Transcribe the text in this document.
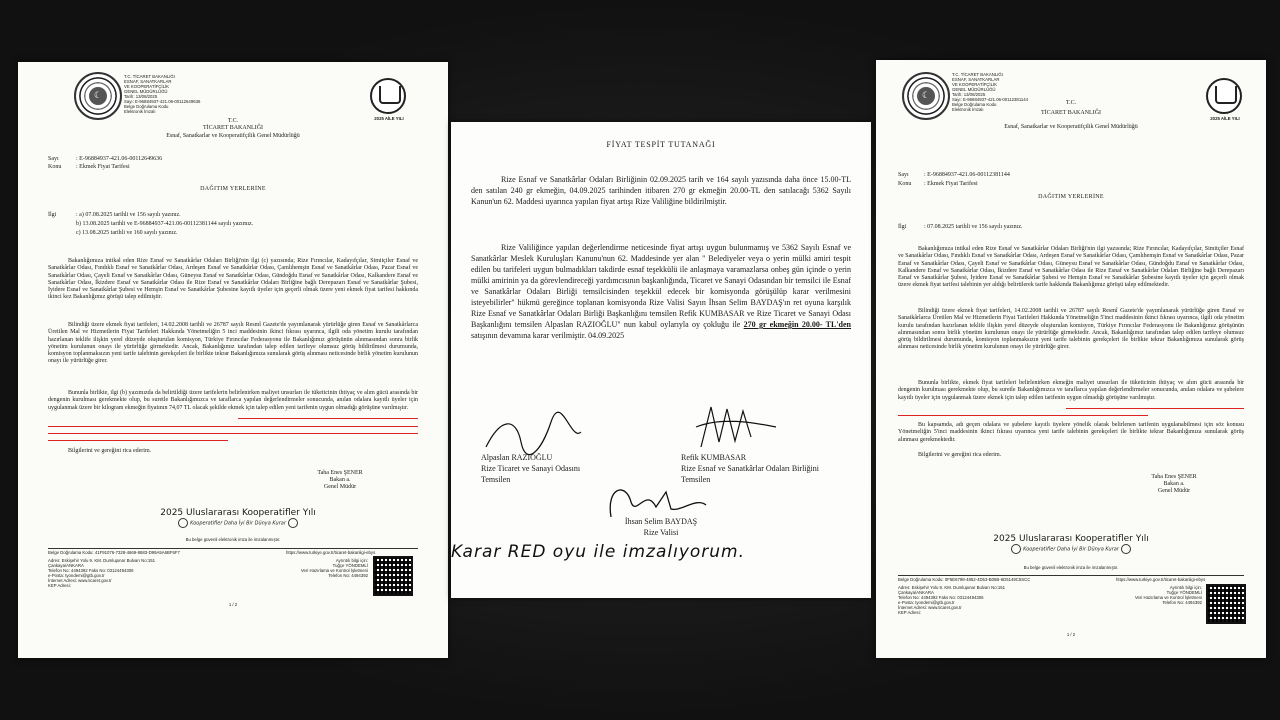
☾
T.C. TİCARET BAKANLIĞI
ESNAF, SANATKARLAR
VE KOOPERATİFÇİLİK
GENEL MÜDÜRLÜĞÜ
Tarih: 13/08/2025
Sayı: E-96884937-421.06-00112649636
Belge Doğrulama Kodu
Elektronik İmzalı
2025 AİLE YILI
T.C.
TİCARET BAKANLIĞI
Esnaf, Sanatkarlar ve Kooperatifçilik Genel Müdürlüğü
Sayı	: E-96884937-421.06-00112649636
Konu : Ekmek Fiyat Tarifesi
DAĞITIM YERLERİNE
İlgi	: a) 07.08.2025 tarihli ve 156 sayılı yazınız.
b) 13.08.2025 tarihli ve E-96884937-421.06-00112381144 sayılı yazımız.
c) 13.08.2025 tarihli ve 160 sayılı yazınız.

Bakanlığımıza intikal eden Rize Esnaf ve Sanatkârlar Odaları Birliği'nin ilgi (c) yazısında; Rize Fırıncılar, Kadayıfçılar, Simitçiler Esnaf ve Sanatkârlar Odası, Fındıklı Esnaf ve Sanatkârlar Odası, Ardeşen Esnaf ve Sanatkârlar Odası, Çamlıhemşin Esnaf ve Sanatkârlar Odası, Pazar Esnaf ve Sanatkârlar Odası, Çayeli Esnaf ve Sanatkârlar Odası, Güneysu Esnaf ve Sanatkârlar Odası, Gündoğdu Esnaf ve Sanatkârlar Odası, Kalkandere Esnaf ve Sanatkârlar Odası, İkizdere Esnaf ve Sanatkârlar Odası ile Rize Esnaf ve Sanatkârlar Odaları Birliğine bağlı Derepazarı Esnaf ve Sanatkârlar Şubesi, İyidere Esnaf ve Sanatkârlar Şubesi ve Hemşin Esnaf ve Sanatkârlar Şubesine kayıtlı üyeler için geçerli olmak üzere yeni ekmek fiyat tarifesi hakkında ikinci kez Bakanlığımız görüşü talep edilmiştir.

Bilindiği üzere ekmek fiyat tarifeleri, 14.02.2008 tarihli ve 26787 sayılı Resmî Gazete'de yayımlanarak yürürlüğe giren Esnaf ve Sanatkârlarca Üretilen Mal ve Hizmetlerin Fiyat Tarifeleri Hakkında Yönetmeliğin 5 inci maddesinin ikinci fıkrası uyarınca, ilgili oda yönetim kurulu tarafından hazırlanan teklife ilişkin yerel düzeyde oluşturulan komisyon, Türkiye Fırıncılar Federasyonu ile Bakanlığımız görüşünün alınmasından sonra birlik yönetim kurulunun onayı ile yürürlüğe girmektedir. Ancak, Bakanlığımız tarafından talep edilen tarifeye olumsuz görüş bildirilmesi durumunda, komisyon toplanmaksızın yeni tarife talebinin gerekçeleri ile birlikte tekrar Bakanlığımıza sunularak görüş alınması neticesinde birlik yönetim kurulunun onayı ile yürürlüğe girer.

Bununla birlikte, ilgi (b) yazımızda da belirtildiği üzere tarifelerin belirlenirken maliyet unsurları ile tüketicinin ihtiyaç ve alım gücü arasında bir dengenin kurulması gerekmekte olup, bu suretle Bakanlığımızca ve taraflarca yapılan değerlendirmeler sonucunda, anılan odalara kayıtlı üyeler için uygulanmak üzere bir kilogram ekmeğin fiyatının 74,07 TL olacak şekilde ekmek için talep edilen yeni tarifenin uygun olmadığı görüşüne varılmıştır.

Bilgilerini ve gereğini rica ederim.
Taha Enes ŞENER
Bakan a.
Genel Müdür
2025 Uluslararası Kooperatifler Yılı
Kooperatifler Daha İyi Bir Dünya Kurar
Bu belge güvenli elektronik imza ile imzalanmıştır.
Belge Doğrulama Kodu: 41F91076-7328-4669-8683-D99A5A6BF6F7	https://www.turkiye.gov.tr/ticaret-bakanligi-ebys
Adres: Eskişehir Yolu 9. KM. Dumlupınar Bulvarı No:151
Çankaya/ANKARA
Telefon No: 4494392 Faks No: 03124494306
e-Posta: tyondemi@gtb.gov.tr
İnternet Adresi: www.ticaret.gov.tr
KEP Adresi:
Ayrıntılı bilgi için:
Tuğçe YÖNDEMLİ
Veri Hazırlama ve Kontrol İşletmeni
Telefon No: 4494392
1 / 2
FİYAT TESPİT TUTANAĞI

Rize Esnaf ve Sanatkârlar Odaları Birliğinin 02.09.2025 tarih ve 164 sayılı yazısında daha önce 15.00-TL den satılan 240 gr ekmeğin, 04.09.2025 tarihinden itibaren 270 gr ekmeğin 20.00-TL den satılacağı 5362 Sayılı Kanun'un 62. Maddesi uyarınca yapılan fiyat artışı Rize Valiliğine bildirilmiştir.

Rize Valiliğince yapılan değerlendirme neticesinde fiyat artışı uygun bulunmamış ve 5362 Sayılı Esnaf ve Sanatkârlar Meslek Kuruluşları Kanunu'nun 62. Maddesinde yer alan " Belediyeler veya o yerin mülki amiri tespit edilen bu tarifeleri uygun bulmadıkları takdirde esnaf teşekkülü ile anlaşmaya varamazlarsa onbeş gün içinde o yerin mülki amirinin ya da görevlendireceği yardımcısının başkanlığında, Ticaret ve Sanayi Odasından bir temsilci ile Esnaf ve Sanatkârlar Odaları Birliği temsilcisinden teşekkül edecek bir komisyonda görüşülüp karar verilmesini isteyebilirler" hükmü gereğince toplanan komisyonda Rize Valisi Sayın İhsan Selim BAYDAŞ'ın ret oyuna karşılık Rize Esnaf ve Sanatkârlar Odaları Birliği Başkanlığını temsilen Refik KUMBASAR ve Rize Ticaret ve Sanayi Odası Başkanlığını temsilen Alpaslan RAZIOĞLU" nun kabul oylarıyla oy çokluğu ile 270 gr ekmeğin 20.00- TL'den satışının devamına karar verilmiştir. 04.09.2025

Alpaslan RAZIOĞLU
Rize Ticaret ve Sanayi Odasını
Temsilen
Refik KUMBASAR
Rize Esnaf ve Sanatkârlar Odaları Birliğini
Temsilen
İhsan Selim BAYDAŞ
Rize Valisi
Karar RED oyu ile imzalıyorum.
☾
T.C. TİCARET BAKANLIĞI
ESNAF, SANATKARLAR
VE KOOPERATİFÇİLİK
GENEL MÜDÜRLÜĞÜ
Tarih: 13/08/2025
Sayı: E-96884937-421.06-00112381144
Belge Doğrulama Kodu
Elektronik İmzalı
2025 AİLE YILI
T.C.
TİCARET BAKANLIĞI
Esnaf, Sanatkarlar ve Kooperatifçilik Genel Müdürlüğü
Sayı	: E-96884937-421.06-00112381144
Konu : Ekmek Fiyat Tarifesi
DAĞITIM YERLERİNE
İlgi	: 07.08.2025 tarihli ve 156 sayılı yazınız.

Bakanlığımıza intikal eden Rize Esnaf ve Sanatkârlar Odaları Birliği'nin ilgi yazısında; Rize Fırıncılar, Kadayıfçılar, Simitçiler Esnaf ve Sanatkârlar Odası, Fındıklı Esnaf ve Sanatkârlar Odası, Ardeşen Esnaf ve Sanatkârlar Odası, Çamlıhemşin Esnaf ve Sanatkârlar Odası, Pazar Esnaf ve Sanatkârlar Odası, Çayeli Esnaf ve Sanatkârlar Odası, Güneysu Esnaf ve Sanatkârlar Odası, Gündoğdu Esnaf ve Sanatkârlar Odası, Kalkandere Esnaf ve Sanatkârlar Odası, İkizdere Esnaf ve Sanatkârlar Odası ile Rize Esnaf ve Sanatkârlar Odaları Birliğine bağlı Derepazarı Esnaf ve Sanatkârlar Şubesi, İyidere Esnaf ve Sanatkârlar Şubesi ve Hemşin Esnaf ve Sanatkârlar Şubesine kayıtlı üyeler için geçerli olmak üzere ekmek fiyat tarifesi talebinin yer aldığı belirtilerek tarife hakkında Bakanlığımız görüşü talep edilmektedir.

Bilindiği üzere ekmek fiyat tarifeleri, 14.02.2008 tarihli ve 26787 sayılı Resmî Gazete'de yayımlanarak yürürlüğe giren Esnaf ve Sanatkârlarca Üretilen Mal ve Hizmetlerin Fiyat Tarifeleri Hakkında Yönetmeliğin 5'inci maddesinin ikinci fıkrası uyarınca, ilgili oda yönetim kurulu tarafından hazırlanan teklife ilişkin yerel düzeyde oluşturulan komisyon, Türkiye Fırıncılar Federasyonu ile Bakanlığımız görüşünün alınmasından sonra birlik yönetim kurulunun onayı ile yürürlüğe girmektedir. Ancak, Bakanlığımız tarafından talep edilen tarifeye olumsuz görüş bildirilmesi durumunda, komisyon toplanmaksızın yeni tarife talebinin gerekçeleri ile birlikte tekrar Bakanlığımıza sunularak görüş alınması neticesinde birlik yönetim kurulunun onayı ile yürürlüğe girer.

Bununla birlikte, ekmek fiyat tarifeleri belirlenirken ekmeğin maliyet unsurları ile tüketicinin ihtiyaç ve alım gücü arasında bir dengenin kurulması gerekmekte olup, bu suretle Bakanlığımızca ve taraflarca yapılan değerlendirmeler sonucunda, anılan odalara ve şubelere kayıtlı üyeler için uygulanmak üzere ekmek için talep edilen tarifenin uygun olmadığı görüşüne varılmıştır.

Bu kapsamda, adı geçen odalara ve şubelere kayıtlı üyelere yönelik olarak belirlenen tarifenin uygulanabilmesi için söz konusu Yönetmeliğin 5'inci maddesinin ikinci fıkrası uyarınca yeni tarife talebinin gerekçeleri ile birlikte tekrar Bakanlığımıza sunularak görüş alınması gerekmektedir.

Bilgilerini ve gereğini rica ederim.
Taha Enes ŞENER
Bakan a.
Genel Müdür
2025 Uluslararası Kooperatifler Yılı
Kooperatifler Daha İyi Bir Dünya Kurar
Bu belge güvenli elektronik imza ile imzalanmıştır.
Belge Doğrulama Kodu: 0F5E6798-4852-4D53-B05B-6D5149C5SCC	https://www.turkiye.gov.tr/ticaret-bakanligi-ebys
Adres: Eskişehir Yolu 9. KM. Dumlupınar Bulvarı No:151
Çankaya/ANKARA
Telefon No: 4494392 Faks No: 03124494306
e-Posta: tyondemi@gtb.gov.tr
İnternet Adresi: www.ticaret.gov.tr
KEP Adresi:
Ayrıntılı bilgi için:
Tuğçe YÖNDEMLİ
Veri Hazırlama ve Kontrol İşletmeni
Telefon No: 4494392
1 / 2
